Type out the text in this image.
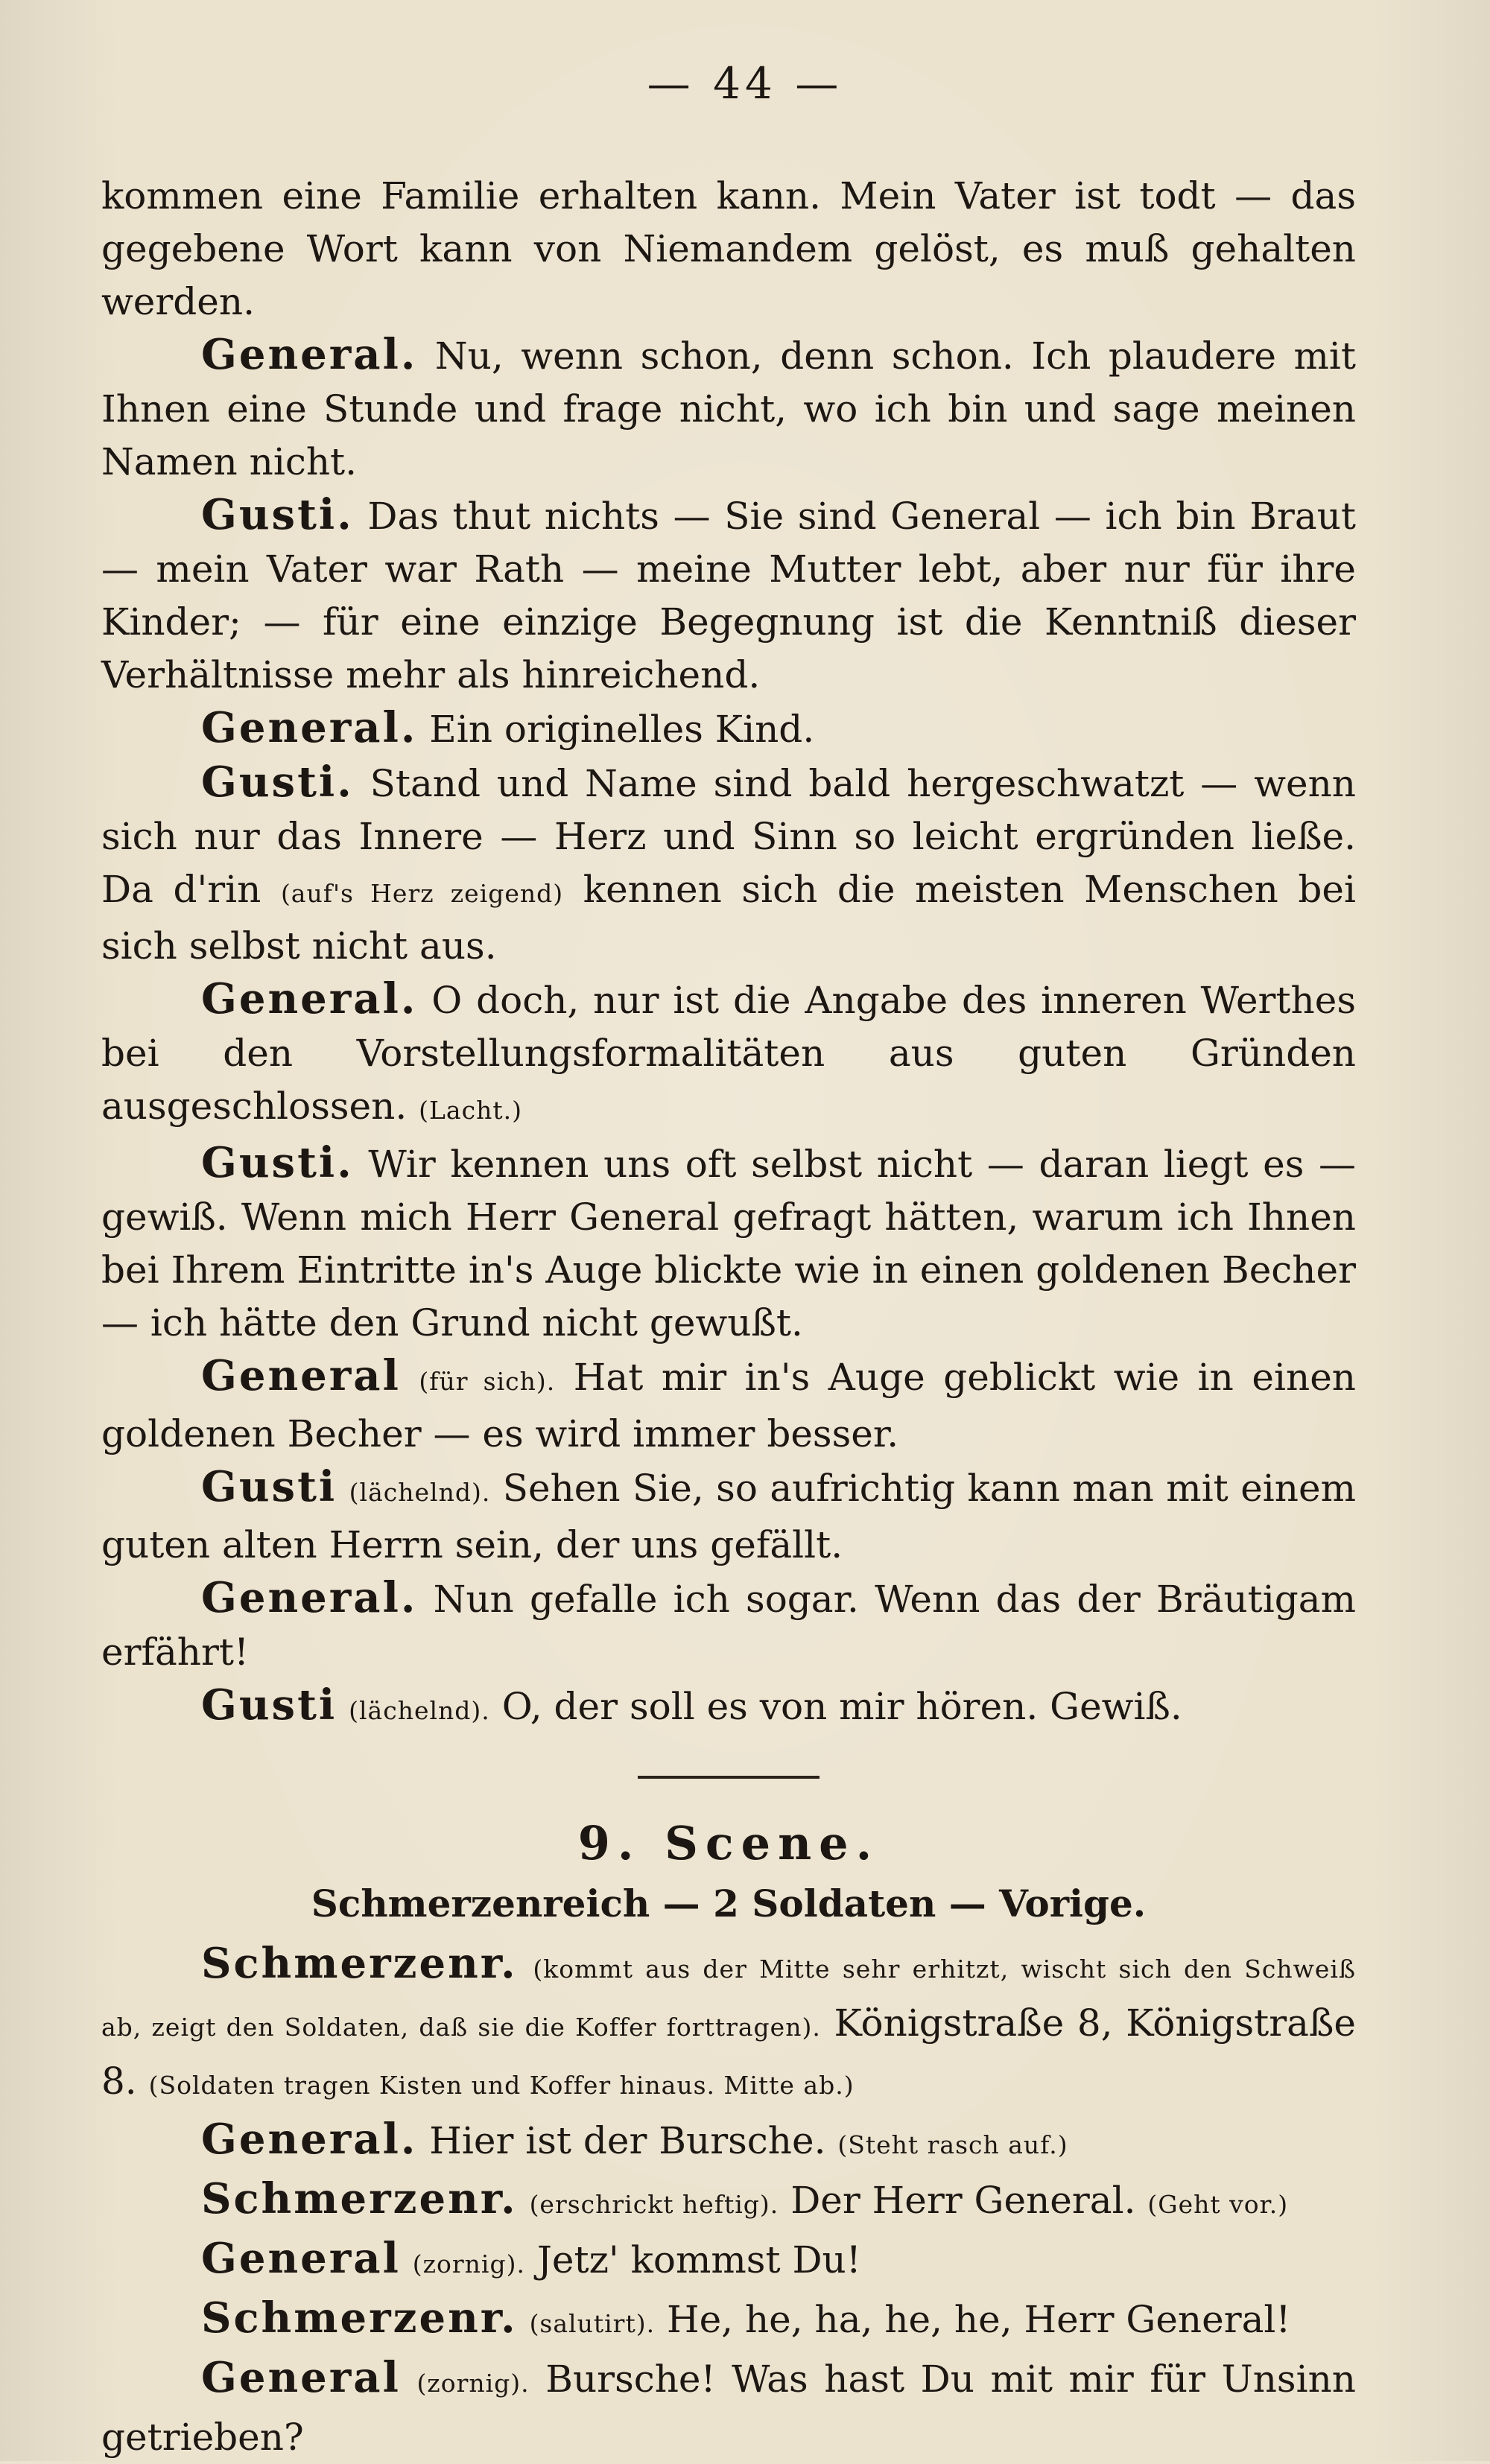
— 44 —

kommen eine Familie erhalten kann. Mein Vater ist todt — das gegebene Wort kann von Niemandem gelöst, es muß gehalten werden.

General. Nu, wenn schon, denn schon. Ich plaudere mit Ihnen eine Stunde und frage nicht, wo ich bin und sage meinen Namen nicht.

Gusti. Das thut nichts — Sie sind General — ich bin Braut — mein Vater war Rath — meine Mutter lebt, aber nur für ihre Kinder; — für eine einzige Begegnung ist die Kenntniß dieser Verhältnisse mehr als hinreichend.

General. Ein originelles Kind.

Gusti. Stand und Name sind bald hergeschwatzt — wenn sich nur das Innere — Herz und Sinn so leicht ergründen ließe. Da d'rin (auf's Herz zeigend) kennen sich die meisten Menschen bei sich selbst nicht aus.

General. O doch, nur ist die Angabe des inneren Werthes bei den Vorstellungsformalitäten aus guten Gründen ausgeschlossen. (Lacht.)

Gusti. Wir kennen uns oft selbst nicht — daran liegt es — gewiß. Wenn mich Herr General gefragt hätten, warum ich Ihnen bei Ihrem Eintritte in's Auge blickte wie in einen goldenen Becher — ich hätte den Grund nicht gewußt.

General (für sich). Hat mir in's Auge geblickt wie in einen goldenen Becher — es wird immer besser.

Gusti (lächelnd). Sehen Sie, so aufrichtig kann man mit einem guten alten Herrn sein, der uns gefällt.

General. Nun gefalle ich sogar. Wenn das der Bräutigam erfährt!

Gusti (lächelnd). O, der soll es von mir hören. Gewiß.

9. Scene.

Schmerzenreich — 2 Soldaten — Vorige.

Schmerzenr. (kommt aus der Mitte sehr erhitzt, wischt sich den Schweiß ab, zeigt den Soldaten, daß sie die Koffer forttragen). Königstraße 8, Königstraße 8. (Soldaten tragen Kisten und Koffer hinaus. Mitte ab.)

General. Hier ist der Bursche. (Steht rasch auf.)

Schmerzenr. (erschrickt heftig). Der Herr General. (Geht vor.)

General (zornig). Jetz' kommst Du!

Schmerzenr. (salutirt). He, he, ha, he, he, Herr General!

General (zornig). Bursche! Was hast Du mit mir für Unsinn getrieben?
